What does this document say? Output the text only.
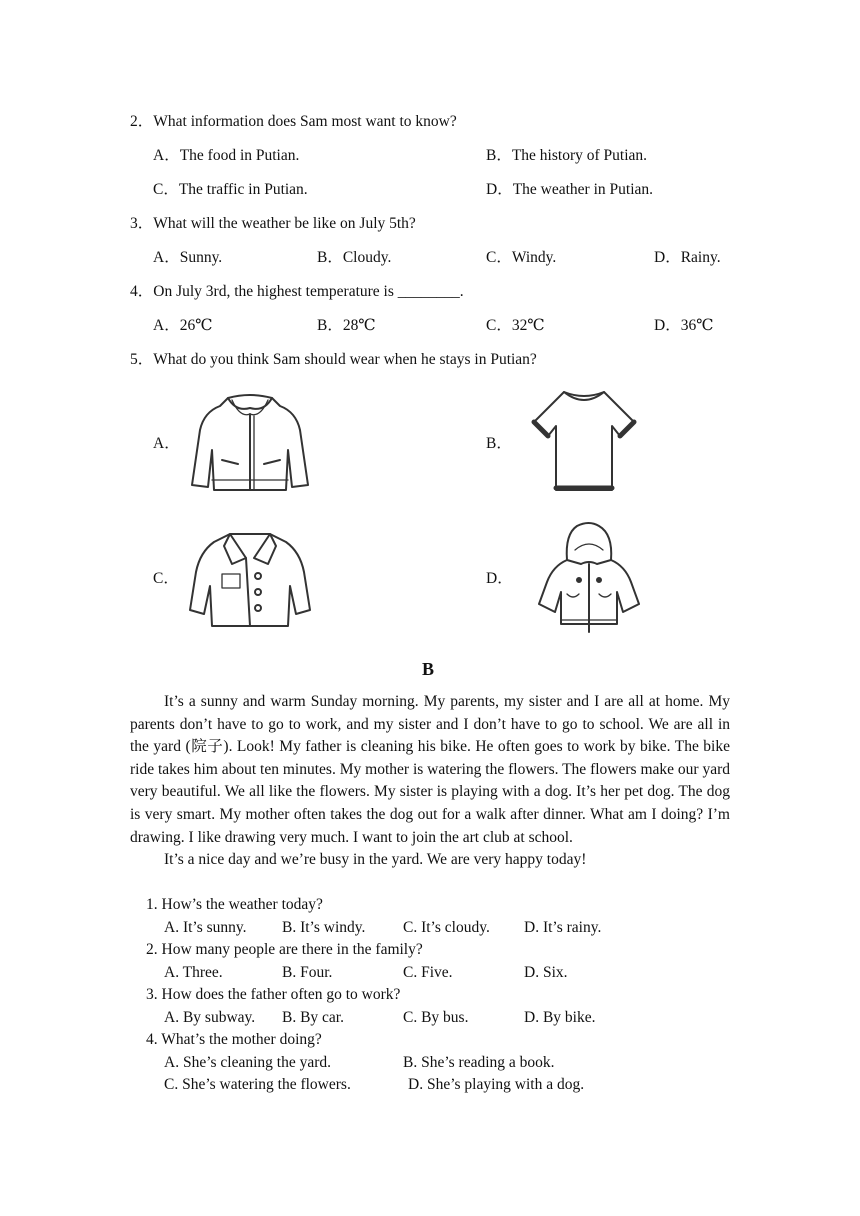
2．What information does Sam most want to know?
A．The food in Putian.	B．The history of Putian.
C．The traffic in Putian.	D．The weather in Putian.
3．What will the weather be like on July 5th?
A．Sunny.	B．Cloudy.	C．Windy.	D．Rainy.
4．On July 3rd, the highest temperature is ________.
A．26℃	B．28℃	C．32℃	D．36℃
5．What do you think Sam should wear when he stays in Putian?
A．	B．
C．	D．
B

It’s a sunny and warm Sunday morning. My parents, my sister and I are all at home. My parents don’t have to go to work, and my sister and I don’t have to go to school. We are all in the yard (院子). Look! My father is cleaning his bike. He often goes to work by bike. The bike ride takes him about ten minutes. My mother is watering the flowers. The flowers make our yard very beautiful. We all like the flowers. My sister is playing with a dog. It’s her pet dog. The dog is very smart. My mother often takes the dog out for a walk after dinner. What am I doing? I’m drawing. I like drawing very much. I want to join the art club at school.

It’s a nice day and we’re busy in the yard. We are very happy today!

1. How’s the weather today?
A. It’s sunny. B. It’s windy. C. It’s cloudy. D. It’s rainy.
2. How many people are there in the family?
A. Three.	B. Four.	C. Five.	D. Six.
3. How does the father often go to work?
A. By subway. B. By car.	C. By bus.	D. By bike.
4. What’s the mother doing?
A. She’s cleaning the yard.	B. She’s reading a book.
C. She’s watering the flowers.	D. She’s playing with a dog.
